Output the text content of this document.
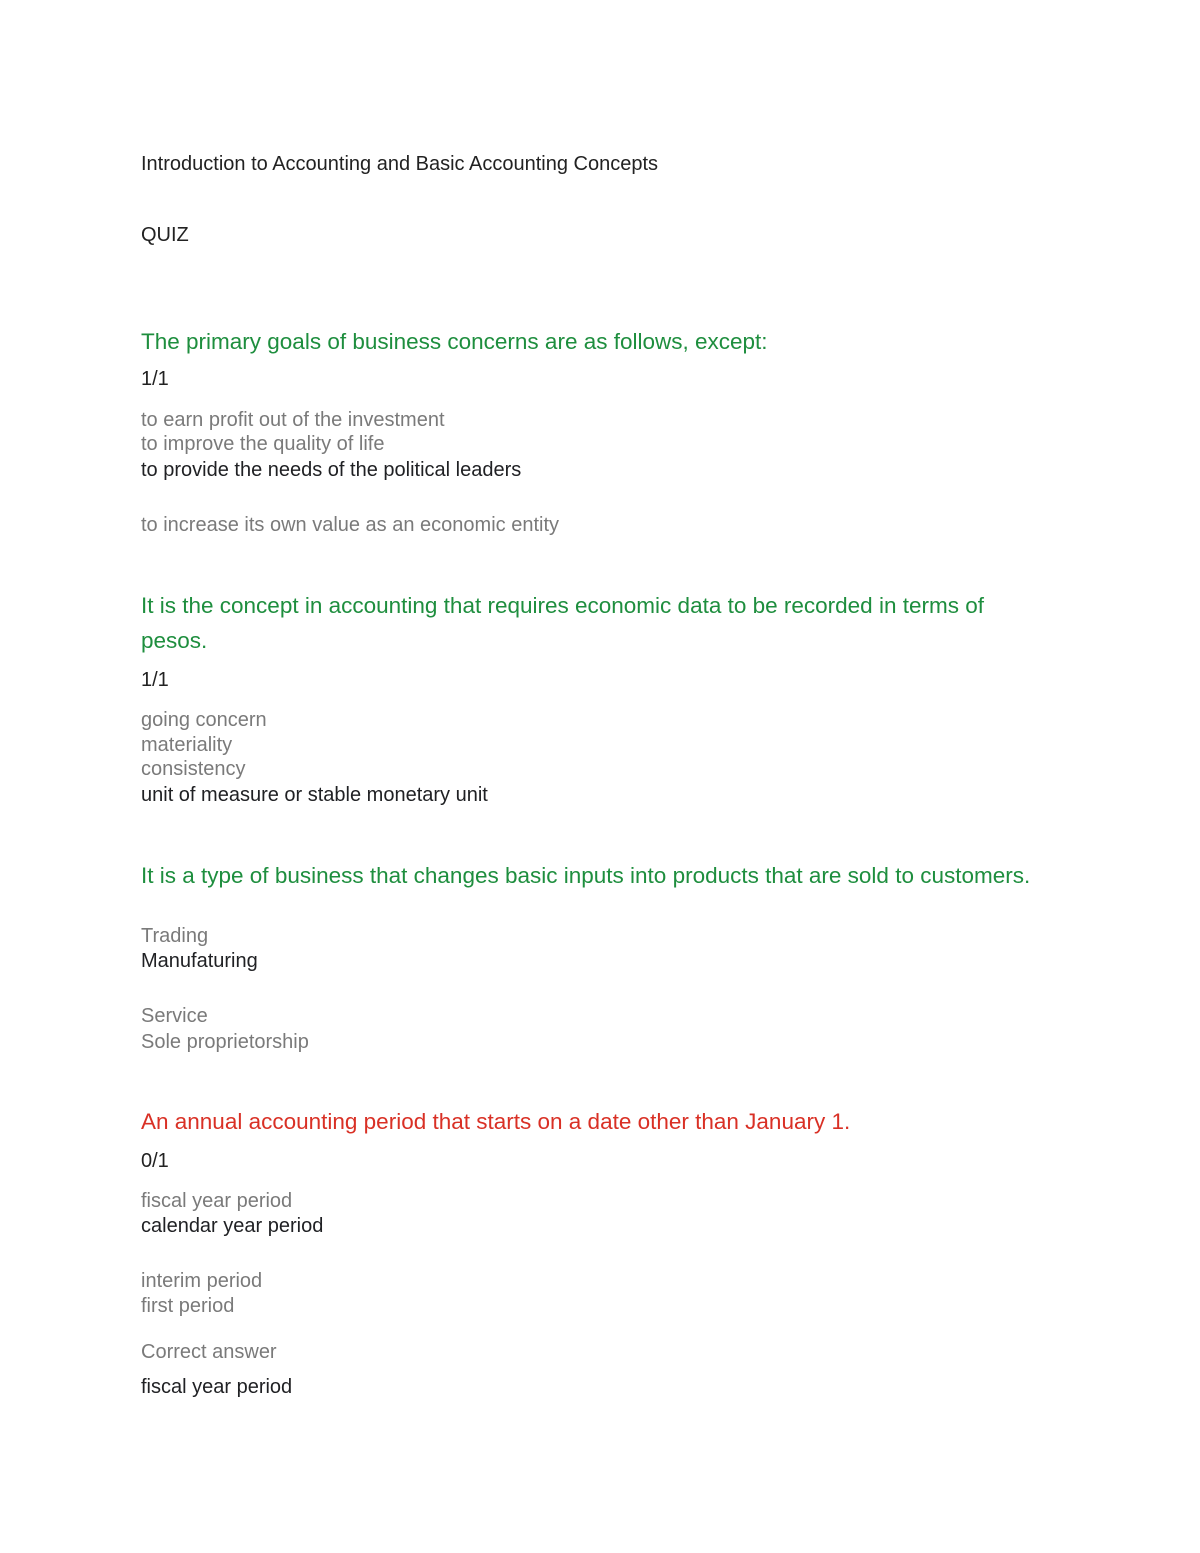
Introduction to Accounting and Basic Accounting Concepts

QUIZ

The primary goals of business concerns are as follows, except:

1/1

to earn profit out of the investment

to improve the quality of life

to provide the needs of the political leaders

to increase its own value as an economic entity

It is the concept in accounting that requires economic data to be recorded in terms of pesos.

1/1

going concern

materiality

consistency

unit of measure or stable monetary unit

It is a type of business that changes basic inputs into products that are sold to customers.

Trading

Manufaturing

Service

Sole proprietorship

An annual accounting period that starts on a date other than January 1.

0/1

fiscal year period

calendar year period

interim period

first period

Correct answer

fiscal year period
